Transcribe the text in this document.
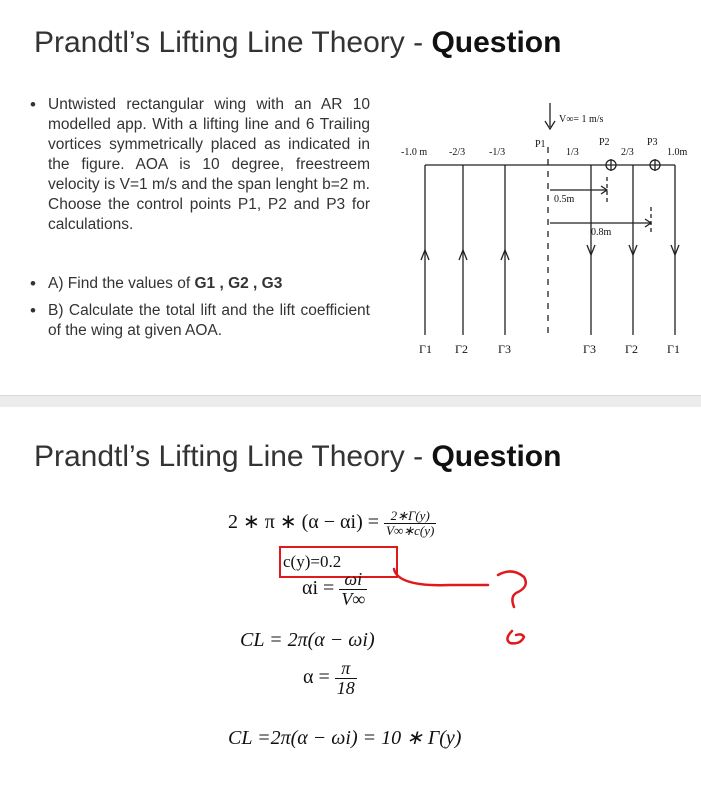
Prandtl’s Lifting Line Theory - Question
• Untwisted rectangular wing with an AR 10 modelled app. With a lifting line and 6 Trailing vortices symmetrically placed as indicated in the figure. AOA is 10 degree, freestreem velocity is V=1 m/s and the span lenght b=2 m. Choose the control points P1, P2 and P3 for calculations.
• A) Find the values of G1 , G2 , G3
• B) Calculate the total lift and the lift coefficient of the wing at given AOA.
V∞= 1 m/s
-1.0 m -2/3 -1/3
P1	P2	P3
1/3	2/3	1.0m
0.5m
0.8m
Γ1 Γ2	Γ3	Γ3 Γ2 Γ1
Prandtl’s Lifting Line Theory - Question
2 ∗ π ∗ $(\alpha - \alpha i) = \frac{2∗\Gamma(y)}{V\infty∗c(y)}$
c(y)=0.2
$\alpha i = \frac{\omega i}{V\infty}$
CL = 2π(α − ωi)
$\alpha = \frac{\pi}{18}$
CL =2π(α − ωi) = 10 ∗ Γ(y)
